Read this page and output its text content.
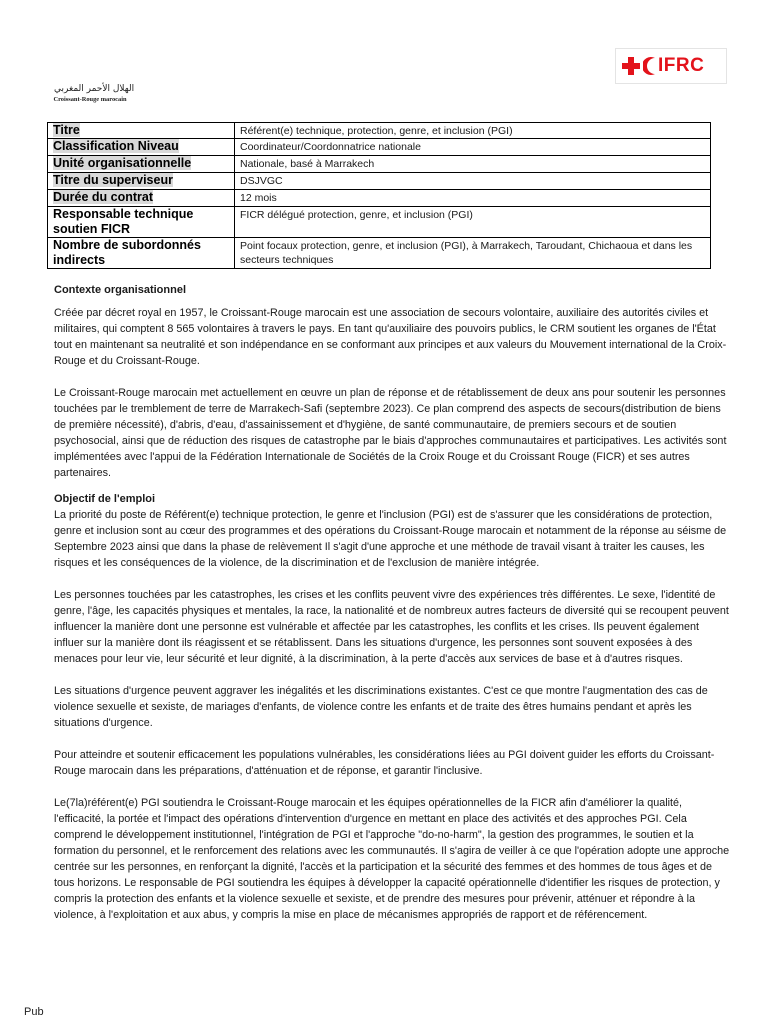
الهلال الأحمر المغربي
Croissant-Rouge marocain
IFRC
Titre	Référent(e) technique, protection, genre, et inclusion (PGI)
Classification Niveau	Coordinateur/Coordonnatrice nationale
Unité organisationnelle	Nationale, basé à Marrakech
Titre du superviseur	DSJVGC
Durée du contrat	12 mois
Responsable technique soutien FICR	FICR délégué protection, genre, et inclusion (PGI)
Nombre de subordonnés indirects	Point focaux protection, genre, et inclusion (PGI), à Marrakech, Taroudant, Chichaoua et dans les secteurs techniques
Contexte organisationnel

Créée par décret royal en 1957, le Croissant-Rouge marocain est une association de secours volontaire, auxiliaire des autorités civiles et militaires, qui comptent 8 565 volontaires à travers le pays. En tant qu'auxiliaire des pouvoirs publics, le CRM soutient les organes de l'État tout en maintenant sa neutralité et son indépendance en se conformant aux principes et aux valeurs du Mouvement international de la Croix-Rouge et du Croissant-Rouge.

Le Croissant-Rouge marocain met actuellement en œuvre un plan de réponse et de rétablissement de deux ans pour soutenir les personnes touchées par le tremblement de terre de Marrakech-Safi (septembre 2023). Ce plan comprend des aspects de secours(distribution de biens de première nécessité), d'abris, d'eau, d'assainissement et d'hygiène, de santé communautaire, de premiers secours et de soutien psychosocial, ainsi que de réduction des risques de catastrophe par le biais d'approches communautaires et participatives. Les activités sont implémentées avec l'appui de la Fédération Internationale de Sociétés de la Croix Rouge et du Croissant Rouge (FICR) et ses autres partenaires.

Objectif de l'emploi

La priorité du poste de Référent(e) technique protection, le genre et l'inclusion (PGI) est de s'assurer que les considérations de protection, genre et inclusion sont au cœur des programmes et des opérations du Croissant-Rouge marocain et notamment de la réponse au séisme de Septembre 2023 ainsi que dans la phase de relèvement Il s'agit d'une approche et une méthode de travail visant à traiter les causes, les risques et les conséquences de la violence, de la discrimination et de l'exclusion de manière intégrée.

Les personnes touchées par les catastrophes, les crises et les conflits peuvent vivre des expériences très différentes. Le sexe, l'identité de genre, l'âge, les capacités physiques et mentales, la race, la nationalité et de nombreux autres facteurs de diversité qui se recoupent peuvent influencer la manière dont une personne est vulnérable et affectée par les catastrophes, les conflits et les crises. Ils peuvent également influer sur la manière dont ils réagissent et se rétablissent. Dans les situations d'urgence, les personnes sont souvent exposées à des menaces pour leur vie, leur sécurité et leur dignité, à la discrimination, à la perte d'accès aux services de base et à d'autres risques.

Les situations d'urgence peuvent aggraver les inégalités et les discriminations existantes. C'est ce que montre l'augmentation des cas de violence sexuelle et sexiste, de mariages d'enfants, de violence contre les enfants et de traite des êtres humains pendant et après les situations d'urgence.

Pour atteindre et soutenir efficacement les populations vulnérables, les considérations liées au PGI doivent guider les efforts du Croissant-Rouge marocain dans les préparations, d'atténuation et de réponse, et garantir l'inclusive.

Le(7la)référent(e) PGI soutiendra le Croissant-Rouge marocain et les équipes opérationnelles de la FICR afin d'améliorer la qualité, l'efficacité, la portée et l'impact des opérations d'intervention d'urgence en mettant en place des activités et des approches PGI. Cela comprend le développement institutionnel, l'intégration de PGI et l'approche "do-no-harm", la gestion des programmes, le soutien et la formation du personnel, et le renforcement des relations avec les communautés. Il s'agira de veiller à ce que l'opération adopte une approche centrée sur les personnes, en renforçant la dignité, l'accès et la participation et la sécurité des femmes et des hommes de tous âges et de tous horizons. Le responsable de PGI soutiendra les équipes à développer la capacité opérationnelle d'identifier les risques de protection, y compris la protection des enfants et la violence sexuelle et sexiste, et de prendre des mesures pour prévenir, atténuer et répondre à la violence, à l'exploitation et aux abus, y compris la mise en place de mécanismes appropriés de rapport et de référencement.

Pub
